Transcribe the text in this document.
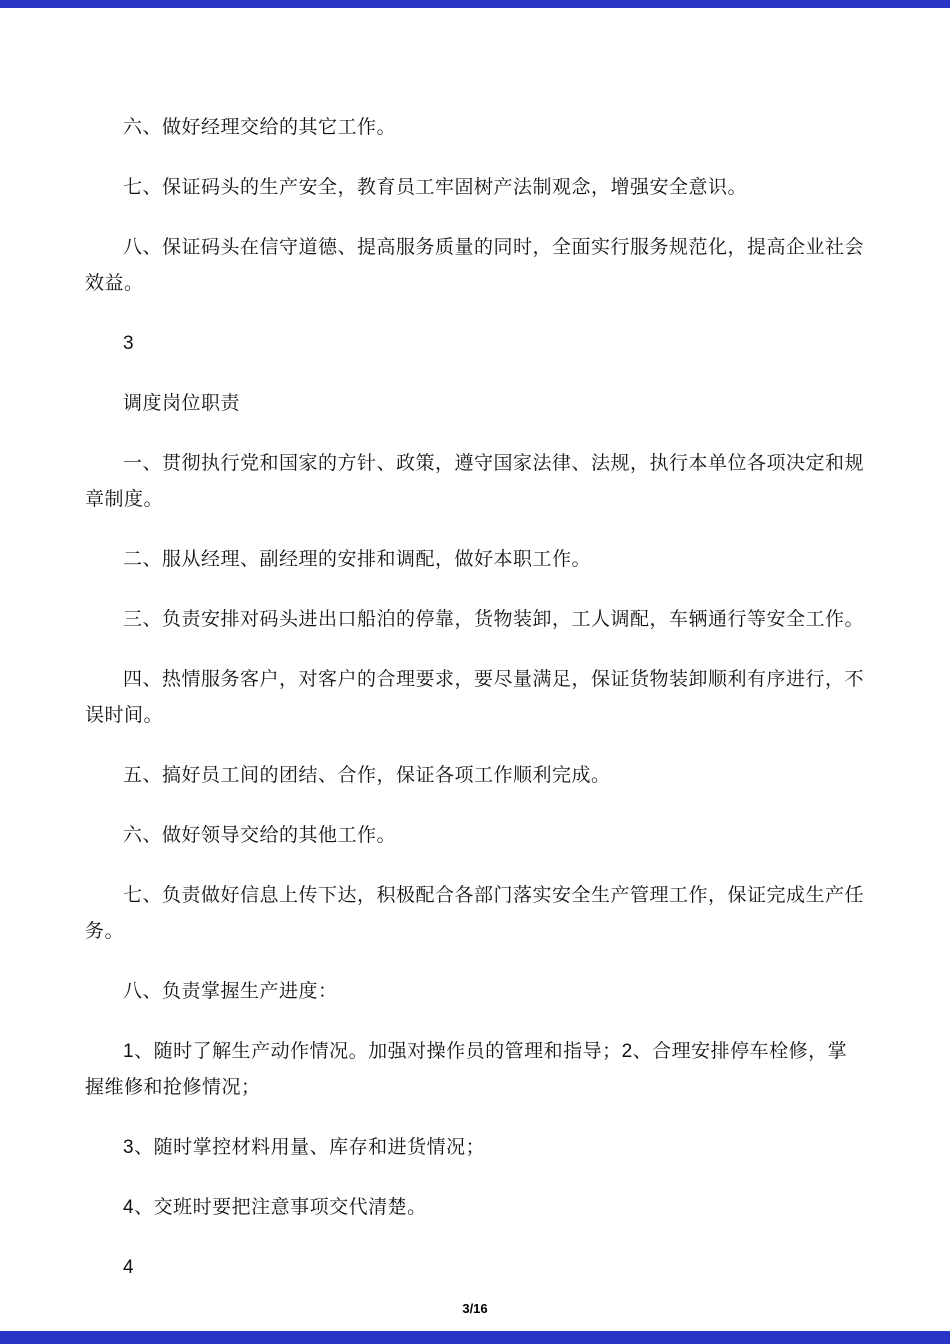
六、做好经理交给的其它工作。

七、保证码头的生产安全，教育员工牢固树产法制观念，增强安全意识。

八、保证码头在信守道德、提高服务质量的同时，全面实行服务规范化，提高企业社会效益。

3

调度岗位职责

一、贯彻执行党和国家的方针、政策，遵守国家法律、法规，执行本单位各项决定和规章制度。

二、服从经理、副经理的安排和调配，做好本职工作。

三、负责安排对码头进出口船泊的停靠，货物装卸，工人调配，车辆通行等安全工作。

四、热情服务客户，对客户的合理要求，要尽量满足，保证货物装卸顺利有序进行，不误时间。

五、搞好员工间的团结、合作，保证各项工作顺利完成。

六、做好领导交给的其他工作。

七、负责做好信息上传下达，积极配合各部门落实安全生产管理工作，保证完成生产任务。

八、负责掌握生产进度：

1、随时了解生产动作情况。加强对操作员的管理和指导；2、合理安排停车栓修，掌握维修和抢修情况；

3、随时掌控材料用量、库存和进货情况；

4、交班时要把注意事项交代清楚。

4

3/16
